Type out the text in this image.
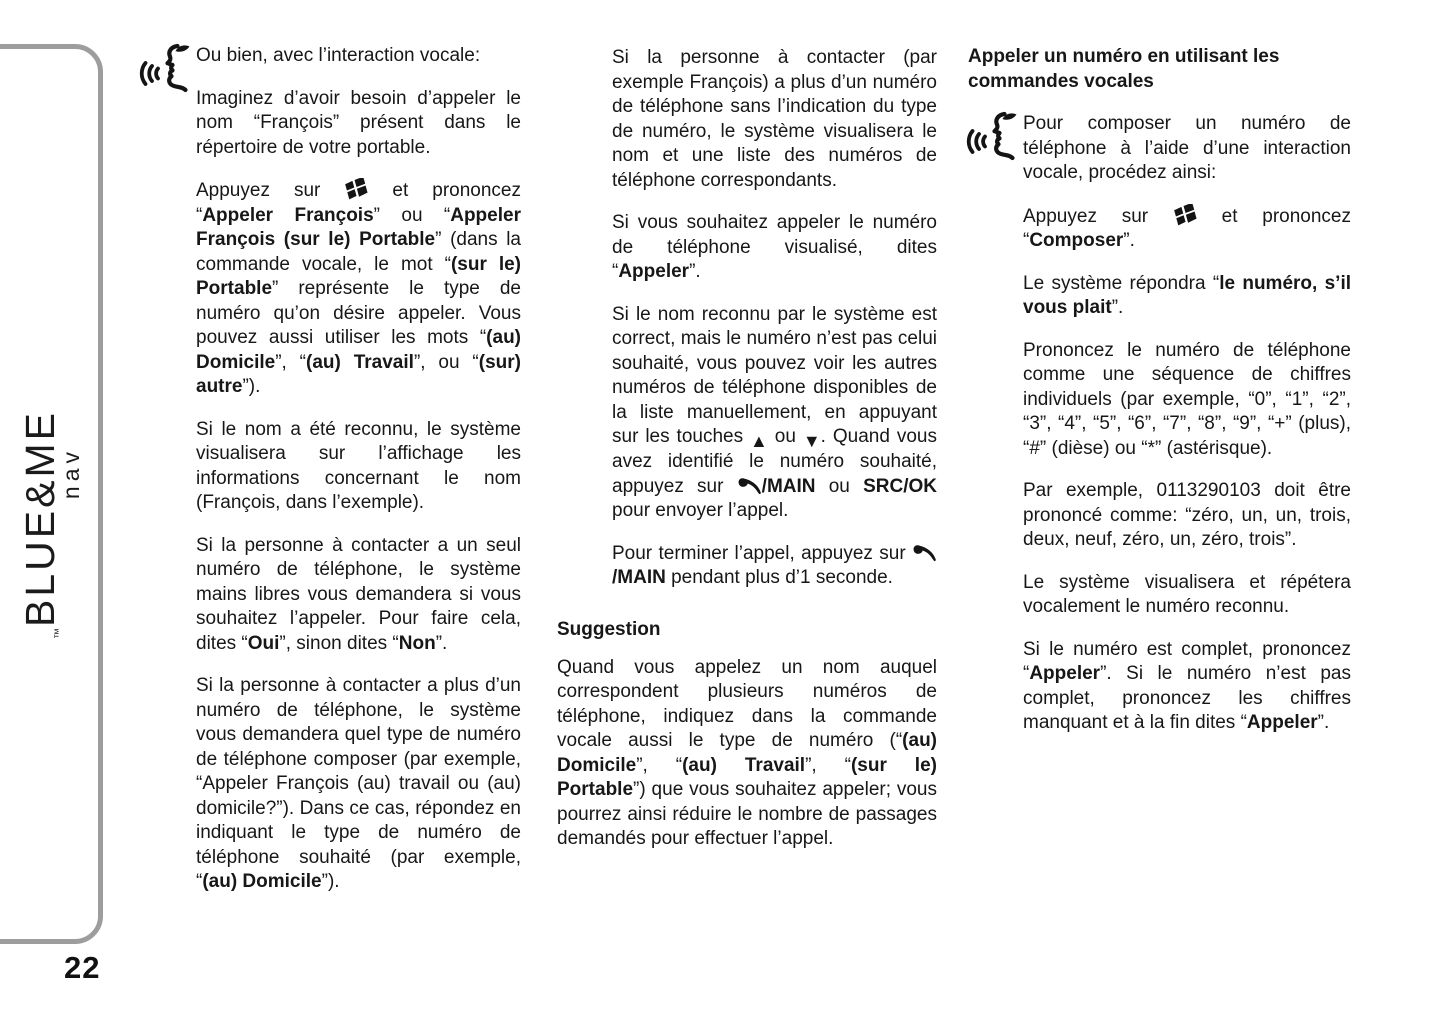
™BLUE&ME
nav
22

Ou bien, avec l’interaction vocale:

Imaginez d’avoir besoin d’appeler le nom “François” présent dans le répertoire de votre portable.

Appuyez sur  et prononcez “Appeler François” ou “Appeler François (sur le) Portable” (dans la commande vocale, le mot “(sur le) Portable” représente le type de numéro qu’on désire appeler. Vous pouvez aussi utiliser les mots “(au) Domicile”, “(au) Travail”, ou “(sur) autre”).

Si le nom a été reconnu, le système visualisera sur l’affichage les informations concernant le nom (François, dans l’exemple).

Si la personne à contacter a un seul numéro de téléphone, le système mains libres vous demandera si vous souhaitez l’appeler. Pour faire cela, dites “Oui”, sinon dites “Non”.

Si la personne à contacter a plus d’un numéro de téléphone, le système vous demandera quel type de numéro de téléphone composer (par exemple, “Appeler François (au) travail ou (au) domicile?”). Dans ce cas, répondez en indiquant le type de numéro de téléphone souhaité (par exemple, “(au) Domicile”).

Si la personne à contacter (par exemple François) a plus d’un numéro de téléphone sans l’indication du type de numéro, le système visualisera le nom et une liste des numéros de téléphone correspondants.

Si vous souhaitez appeler le numéro de téléphone visualisé, dites “Appeler”.

Si le nom reconnu par le système est correct, mais le numéro n’est pas celui souhaité, vous pouvez voir les autres numéros de téléphone disponibles de la liste manuellement, en appuyant sur les touches ▲ ou ▼. Quand vous avez identifié le numéro souhaité, appuyez sur /MAIN ou SRC/OK pour envoyer l’appel.

Pour terminer l’appel, appuyez sur /MAIN pendant plus d’1 seconde.

Suggestion

Quand vous appelez un nom auquel correspondent plusieurs numéros de téléphone, indiquez dans la commande vocale aussi le type de numéro (“(au) Domicile”, “(au) Travail”, “(sur le) Portable”) que vous souhaitez appeler; vous pourrez ainsi réduire le nombre de passages demandés pour effectuer l’appel.

Appeler un numéro en utilisant les commandes vocales

Pour composer un numéro de téléphone à l’aide d’une interaction vocale, procédez ainsi:

Appuyez sur  et prononcez “Composer”.

Le système répondra “le numéro, s’il vous plait”.

Prononcez le numéro de téléphone comme une séquence de chiffres individuels (par exemple, “0”, “1”, “2”, “3”, “4”, “5”, “6”, “7”, “8”, “9”, “+” (plus), “#” (dièse) ou “*” (astérisque).

Par exemple, 0113290103 doit être prononcé comme: “zéro, un, un, trois, deux, neuf, zéro, un, zéro, trois”.

Le système visualisera et répétera vocalement le numéro reconnu.

Si le numéro est complet, prononcez “Appeler”. Si le numéro n’est pas complet, prononcez les chiffres manquant et à la fin dites “Appeler”.
